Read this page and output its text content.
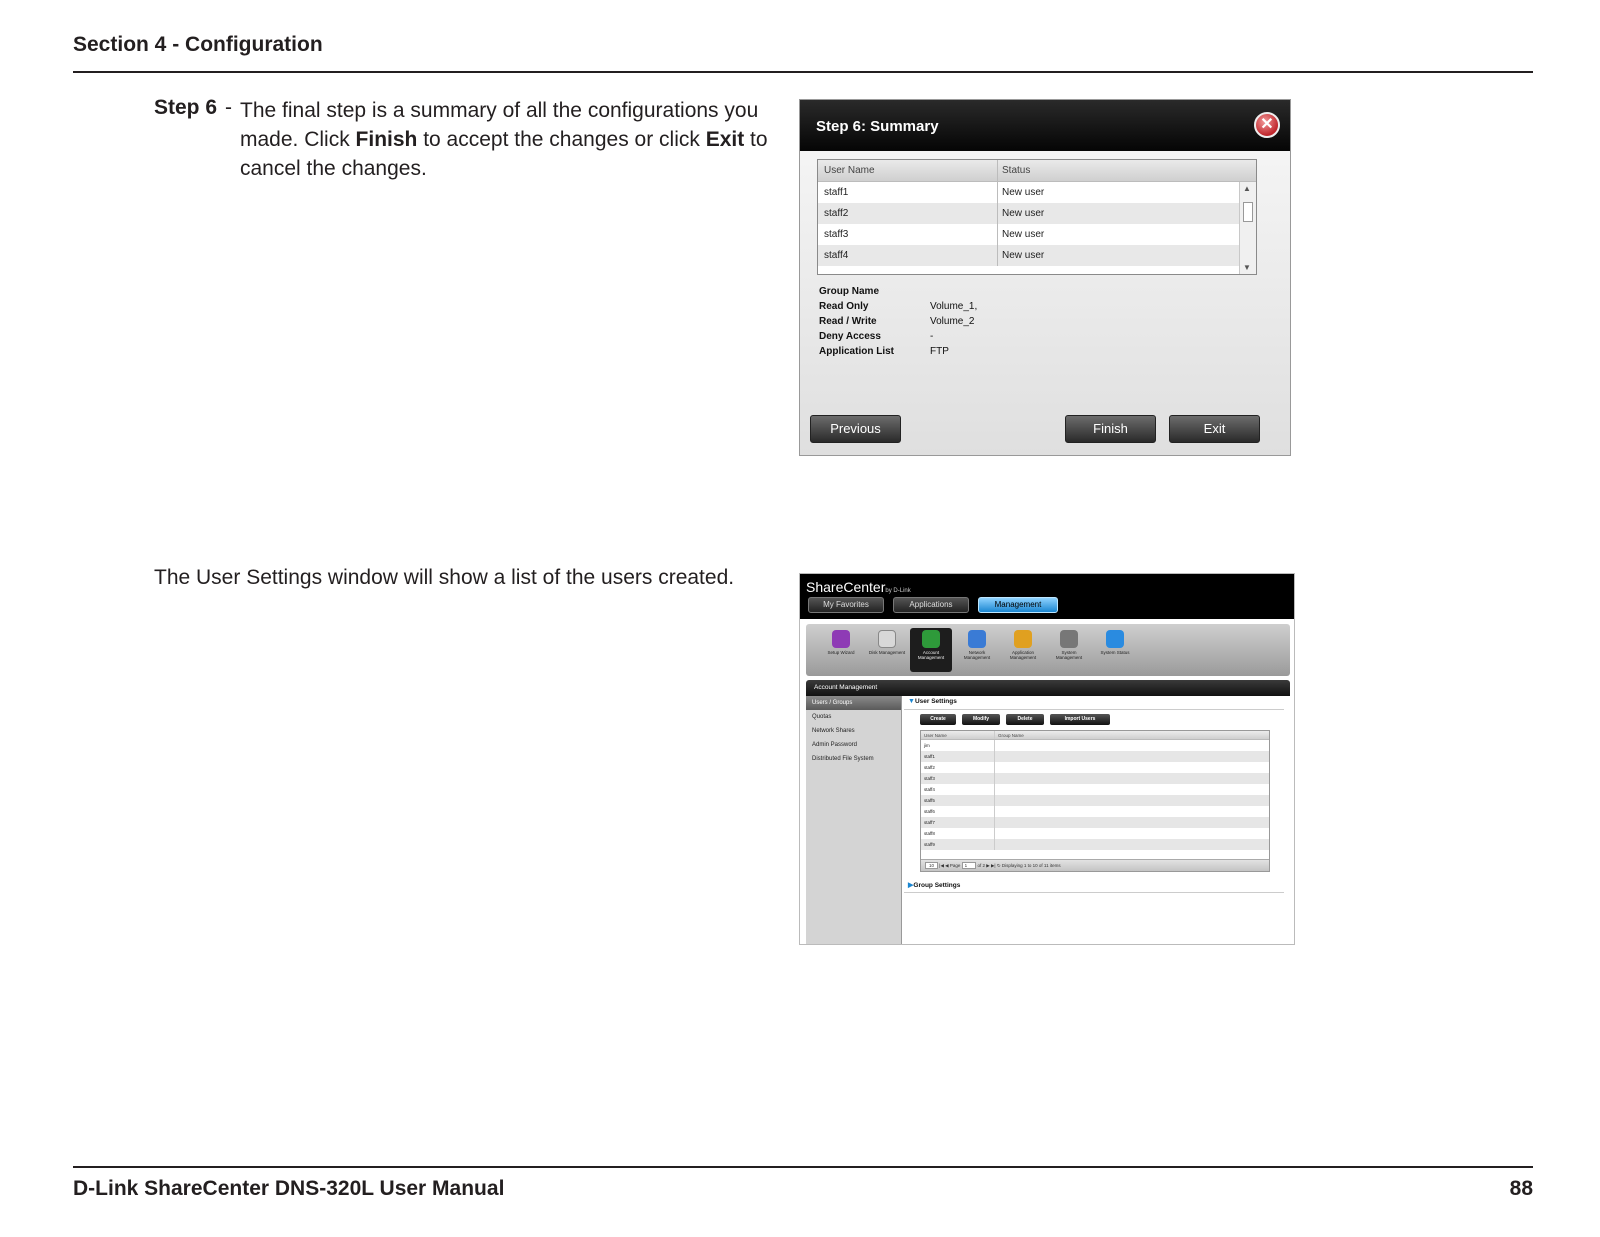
Section 4 - Configuration
Step 6 - The final step is a summary of all the configurations you made. Click Finish to accept the changes or click Exit to cancel the changes.
Step 6: Summary	✕
User Name	Status
staff1	New user
staff2	New user
staff3	New user
staff4	New user
▲
▼
Group Name
Read Only	Volume_1,
Read / Write	Volume_2
Deny Access	-
Application List	FTP
Previous	Finish	Exit
The User Settings window will show a list of the users created.	ShareCenterby D-Link
My Favorites	Applications	Management
Setup Wizard	Disk Management	Account Management
Network Management
Application Management
System Management
System Status
Account Management
Users / Groups
Quotas
Network Shares
Admin Password
Distributed File System
▼User Settings
Create	Modify	Delete	Import Users
User Name	Group Name
jim
staff1
staff2
staff3
staff4
staff5
staff6
staff7
staff8
staff9
10 |◀ ◀ Page 1 of 2 ▶ ▶| ↻ Displaying 1 to 10 of 11 items
▶Group Settings
D-Link ShareCenter DNS-320L User Manual	88
